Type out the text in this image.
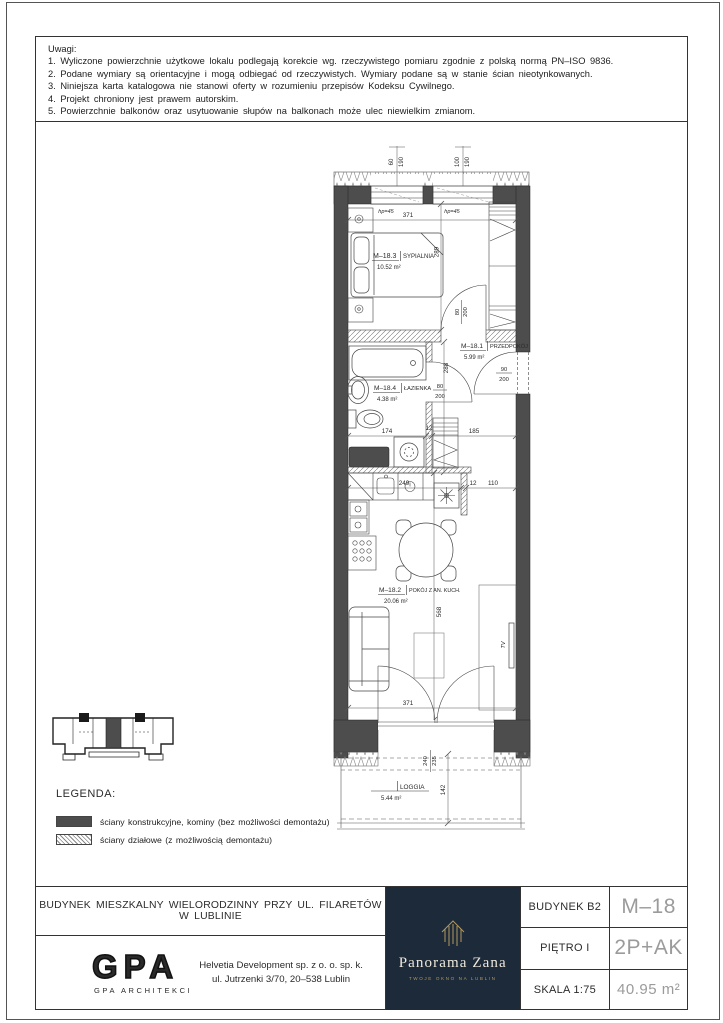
Uwagi:
1. Wyliczone powierzchnie użytkowe lokalu podlegają korekcie wg. rzeczywistego pomiaru zgodnie z polską normą PN–ISO 9836.
2. Podane wymiary są orientacyjne i mogą odbiegać od rzeczywistych. Wymiary podane są w stanie ścian nieotynkowanych.
3. Niniejsza karta katalogowa nie stanowi oferty w rozumieniu przepisów Kodeksu Cywilnego.
4. Projekt chroniony jest prawem autorskim.
5. Powierzchnie balkonów oraz usytuowanie słupów na balkonach może ulec niewielkim zmianom.
60 190	100 190
hp=45	hp=45
371
M–18.3 SYPIALNIA
10.52 m²
289
80 200
M–18.1 PRZEDPOKÓJ
5.99 m²
90
200
80
200
288
M–18.4 ŁAZIENKA
4.38 m²
174	12	185
249	12 110
M–18.2 POKÓJ Z AN. KUCH.
20.06 m²
568
TV
371
240 235
LOGGIA
5.44 m²
142
LEGENDA:
ściany konstrukcyjne, kominy (bez możliwości demontażu)
ściany działowe (z możliwością demontażu)
BUDYNEK MIESZKALNY WIELORODZINNY PRZY UL. FILARETÓW W LUBLINIE
GPA
GPA ARCHITEKCI
Helvetia Development sp. z o. o. sp. k.
ul. Jutrzenki 3/70, 20–538 Lublin
Panorama Zana
TWOJE OKNO NA LUBLIN
BUDYNEK B2
PIĘTRO I
SKALA 1:75
M–18
2P+AK
40.95 m²
